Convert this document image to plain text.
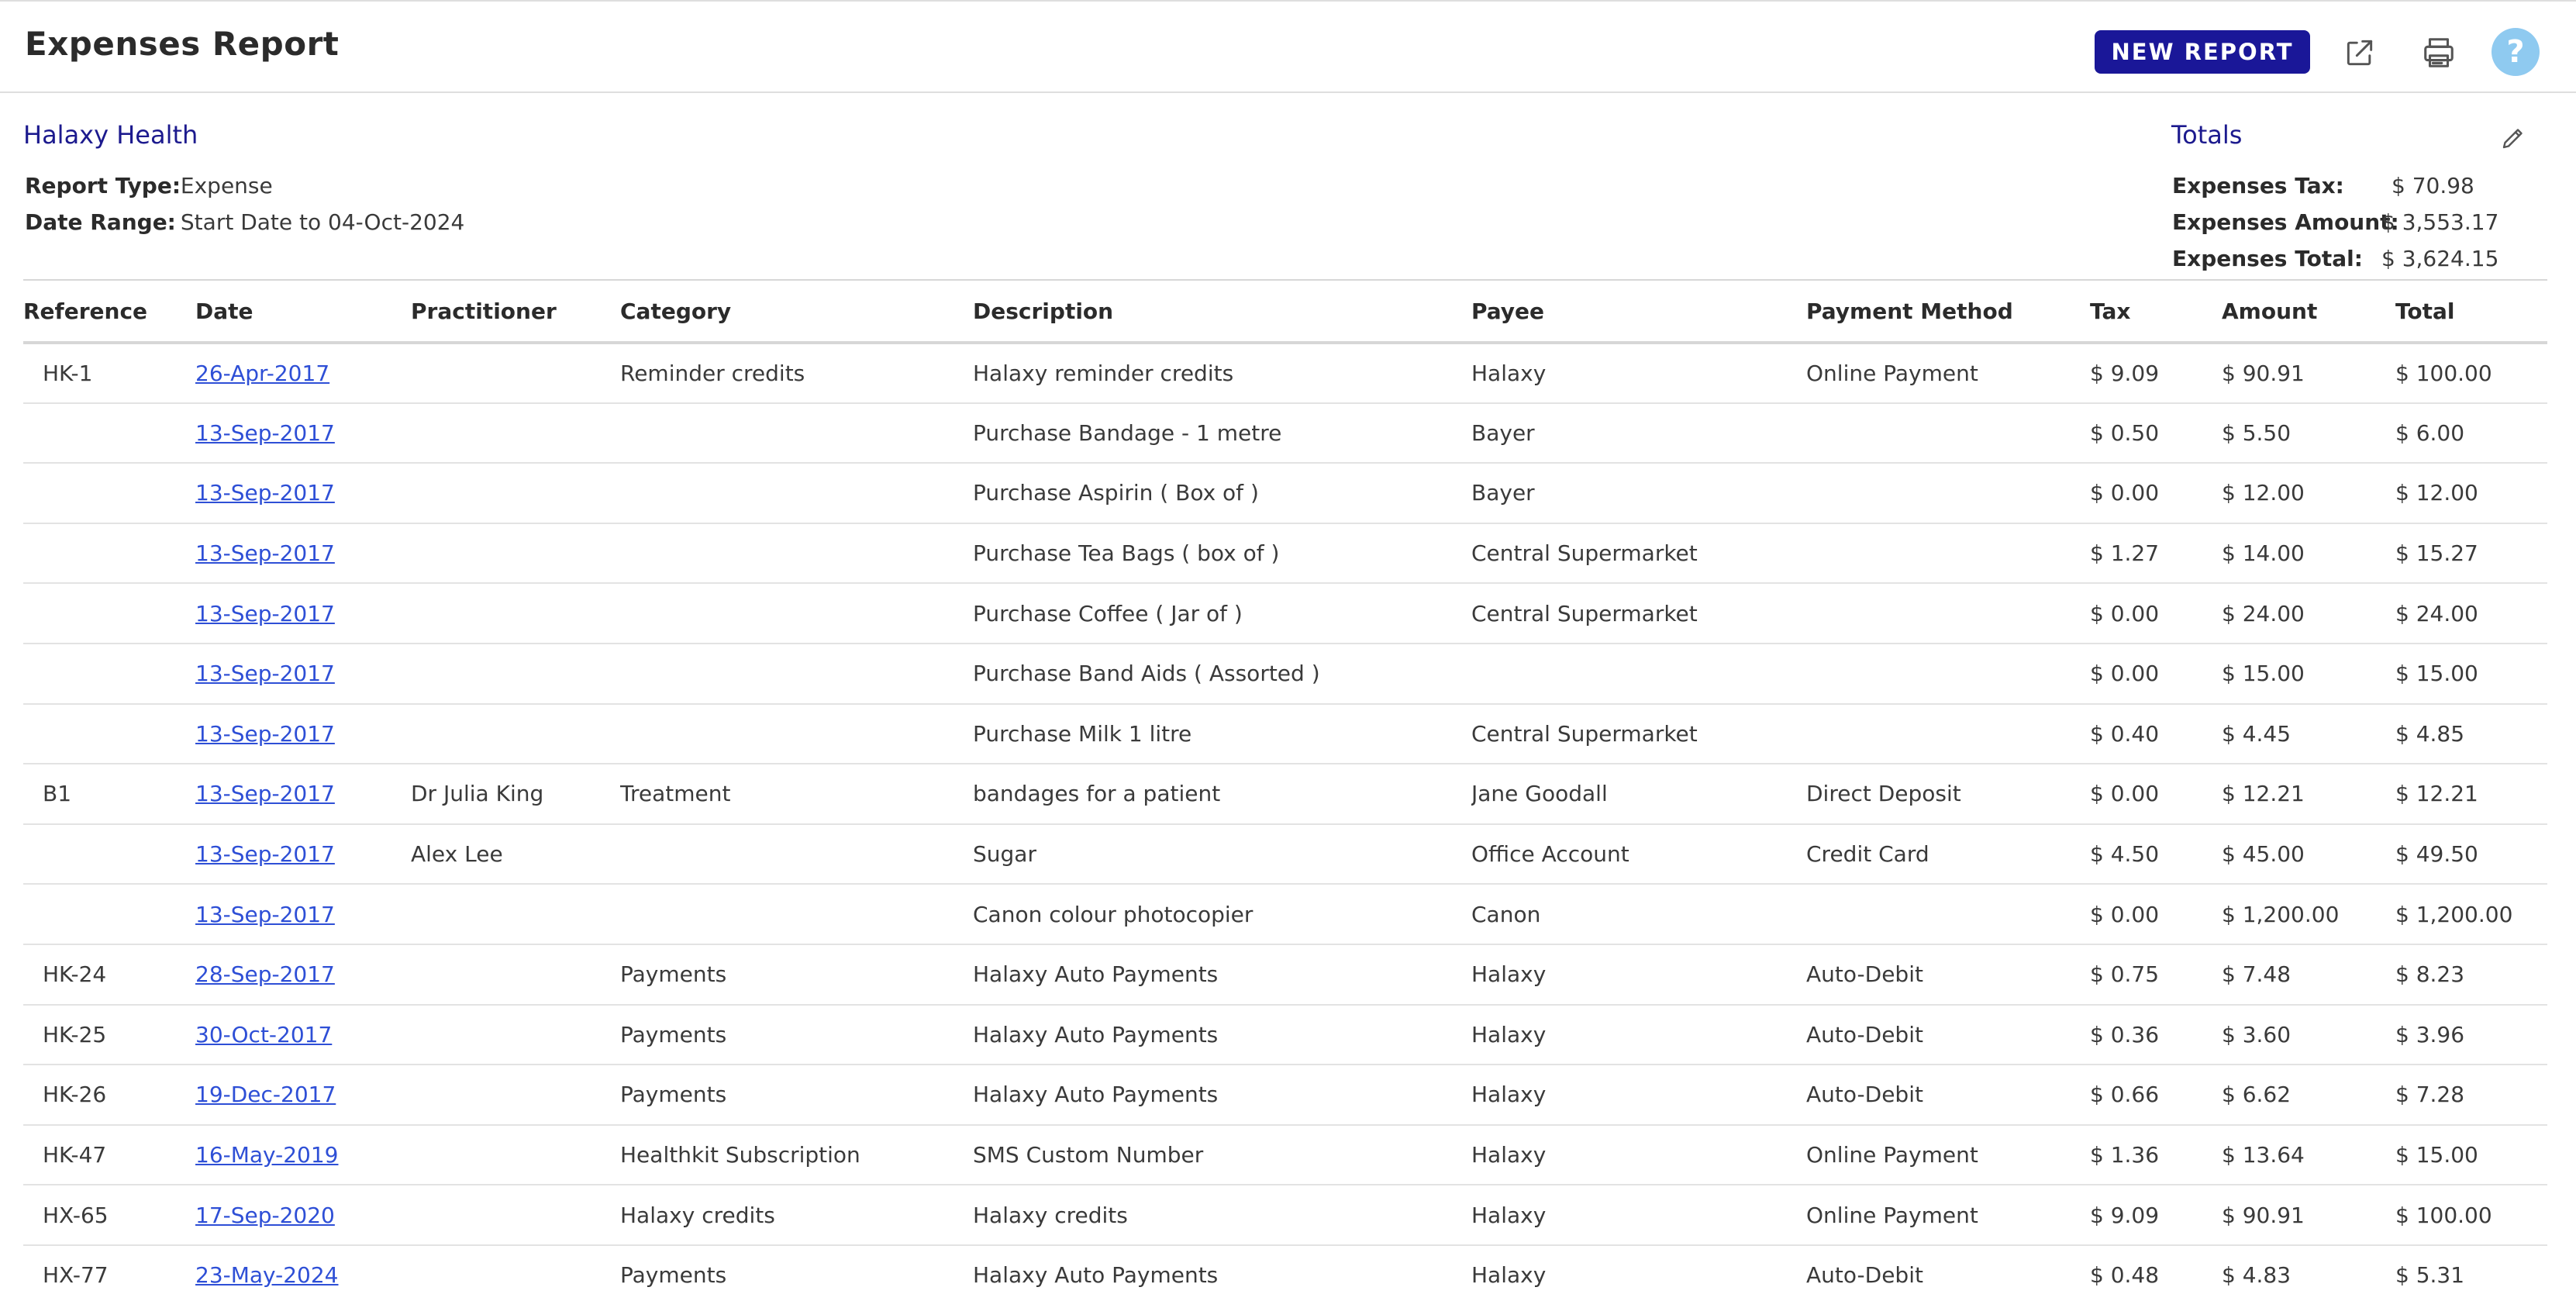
Expenses Report	NEW REPORT	?
Halaxy Health
Report Type: Expense
Date Range: Start Date to 04-Oct-2024
Totals
Expenses Tax: $ 70.98
Expenses Amount:
$ 3,553.17
Expenses Total: $ 3,624.15
Reference	Date	Practitioner	Category	Description	Payee	Payment Method	Tax	Amount	Total
HK-1	26-Apr-2017		Reminder credits	Halaxy reminder credits	Halaxy	Online Payment	$ 9.09	$ 90.91	$ 100.00
	13-Sep-2017			Purchase Bandage - 1 metre	Bayer		$ 0.50	$ 5.50	$ 6.00
	13-Sep-2017			Purchase Aspirin ( Box of )	Bayer		$ 0.00	$ 12.00	$ 12.00
	13-Sep-2017			Purchase Tea Bags ( box of )	Central Supermarket		$ 1.27	$ 14.00	$ 15.27
	13-Sep-2017			Purchase Coffee ( Jar of )	Central Supermarket		$ 0.00	$ 24.00	$ 24.00
	13-Sep-2017			Purchase Band Aids ( Assorted )			$ 0.00	$ 15.00	$ 15.00
	13-Sep-2017			Purchase Milk 1 litre	Central Supermarket		$ 0.40	$ 4.45	$ 4.85
B1	13-Sep-2017	Dr Julia King	Treatment	bandages for a patient	Jane Goodall	Direct Deposit	$ 0.00	$ 12.21	$ 12.21
	13-Sep-2017	Alex Lee		Sugar	Office Account	Credit Card	$ 4.50	$ 45.00	$ 49.50
	13-Sep-2017			Canon colour photocopier	Canon		$ 0.00	$ 1,200.00	$ 1,200.00
HK-24	28-Sep-2017		Payments	Halaxy Auto Payments	Halaxy	Auto-Debit	$ 0.75	$ 7.48	$ 8.23
HK-25	30-Oct-2017		Payments	Halaxy Auto Payments	Halaxy	Auto-Debit	$ 0.36	$ 3.60	$ 3.96
HK-26	19-Dec-2017		Payments	Halaxy Auto Payments	Halaxy	Auto-Debit	$ 0.66	$ 6.62	$ 7.28
HK-47	16-May-2019		Healthkit Subscription	SMS Custom Number	Halaxy	Online Payment	$ 1.36	$ 13.64	$ 15.00
HX-65	17-Sep-2020		Halaxy credits	Halaxy credits	Halaxy	Online Payment	$ 9.09	$ 90.91	$ 100.00
HX-77	23-May-2024		Payments	Halaxy Auto Payments	Halaxy	Auto-Debit	$ 0.48	$ 4.83	$ 5.31
